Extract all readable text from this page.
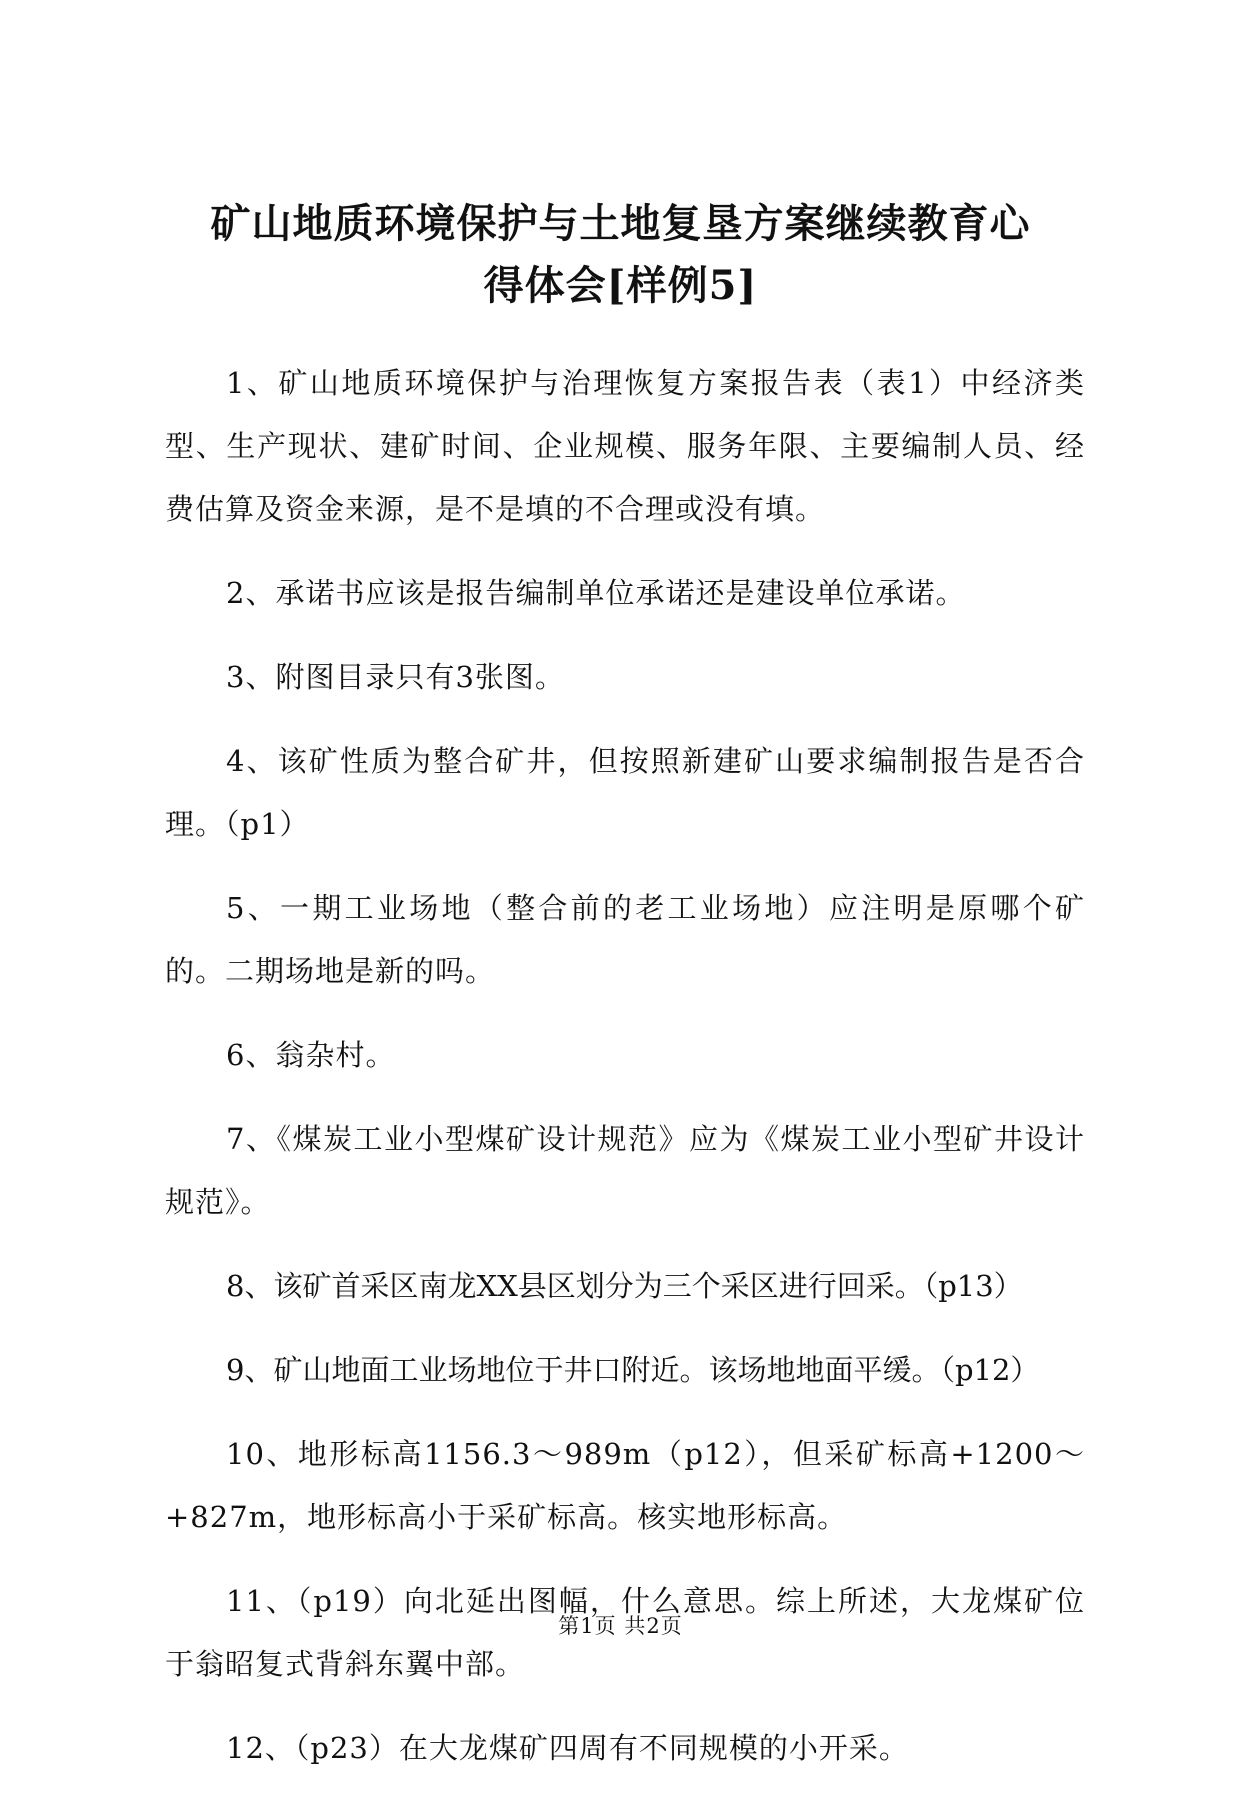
矿山地质环境保护与土地复垦方案继续教育心
得体会[样例5]

1、矿山地质环境保护与治理恢复方案报告表（表1）中经济类型、生产现状、建矿时间、企业规模、服务年限、主要编制人员、经费估算及资金来源，是不是填的不合理或没有填。

2、承诺书应该是报告编制单位承诺还是建设单位承诺。

3、附图目录只有3张图。

4、该矿性质为整合矿井，但按照新建矿山要求编制报告是否合理。（p1）

5、一期工业场地（整合前的老工业场地）应注明是原哪个矿的。二期场地是新的吗。

6、翁杂村。

7、《煤炭工业小型煤矿设计规范》应为《煤炭工业小型矿井设计规范》。

8、该矿首采区南龙XX县区划分为三个采区进行回采。（p13）

9、矿山地面工业场地位于井口附近。该场地地面平缓。（p12）

10、地形标高1156.3～989m（p12），但采矿标高+1200～+827m，地形标高小于采矿标高。核实地形标高。

11、（p19）向北延出图幅，什么意思。综上所述，大龙煤矿位于翁昭复式背斜东翼中部。

12、（p23）在大龙煤矿四周有不同规模的小开采。

第1页 共2页
